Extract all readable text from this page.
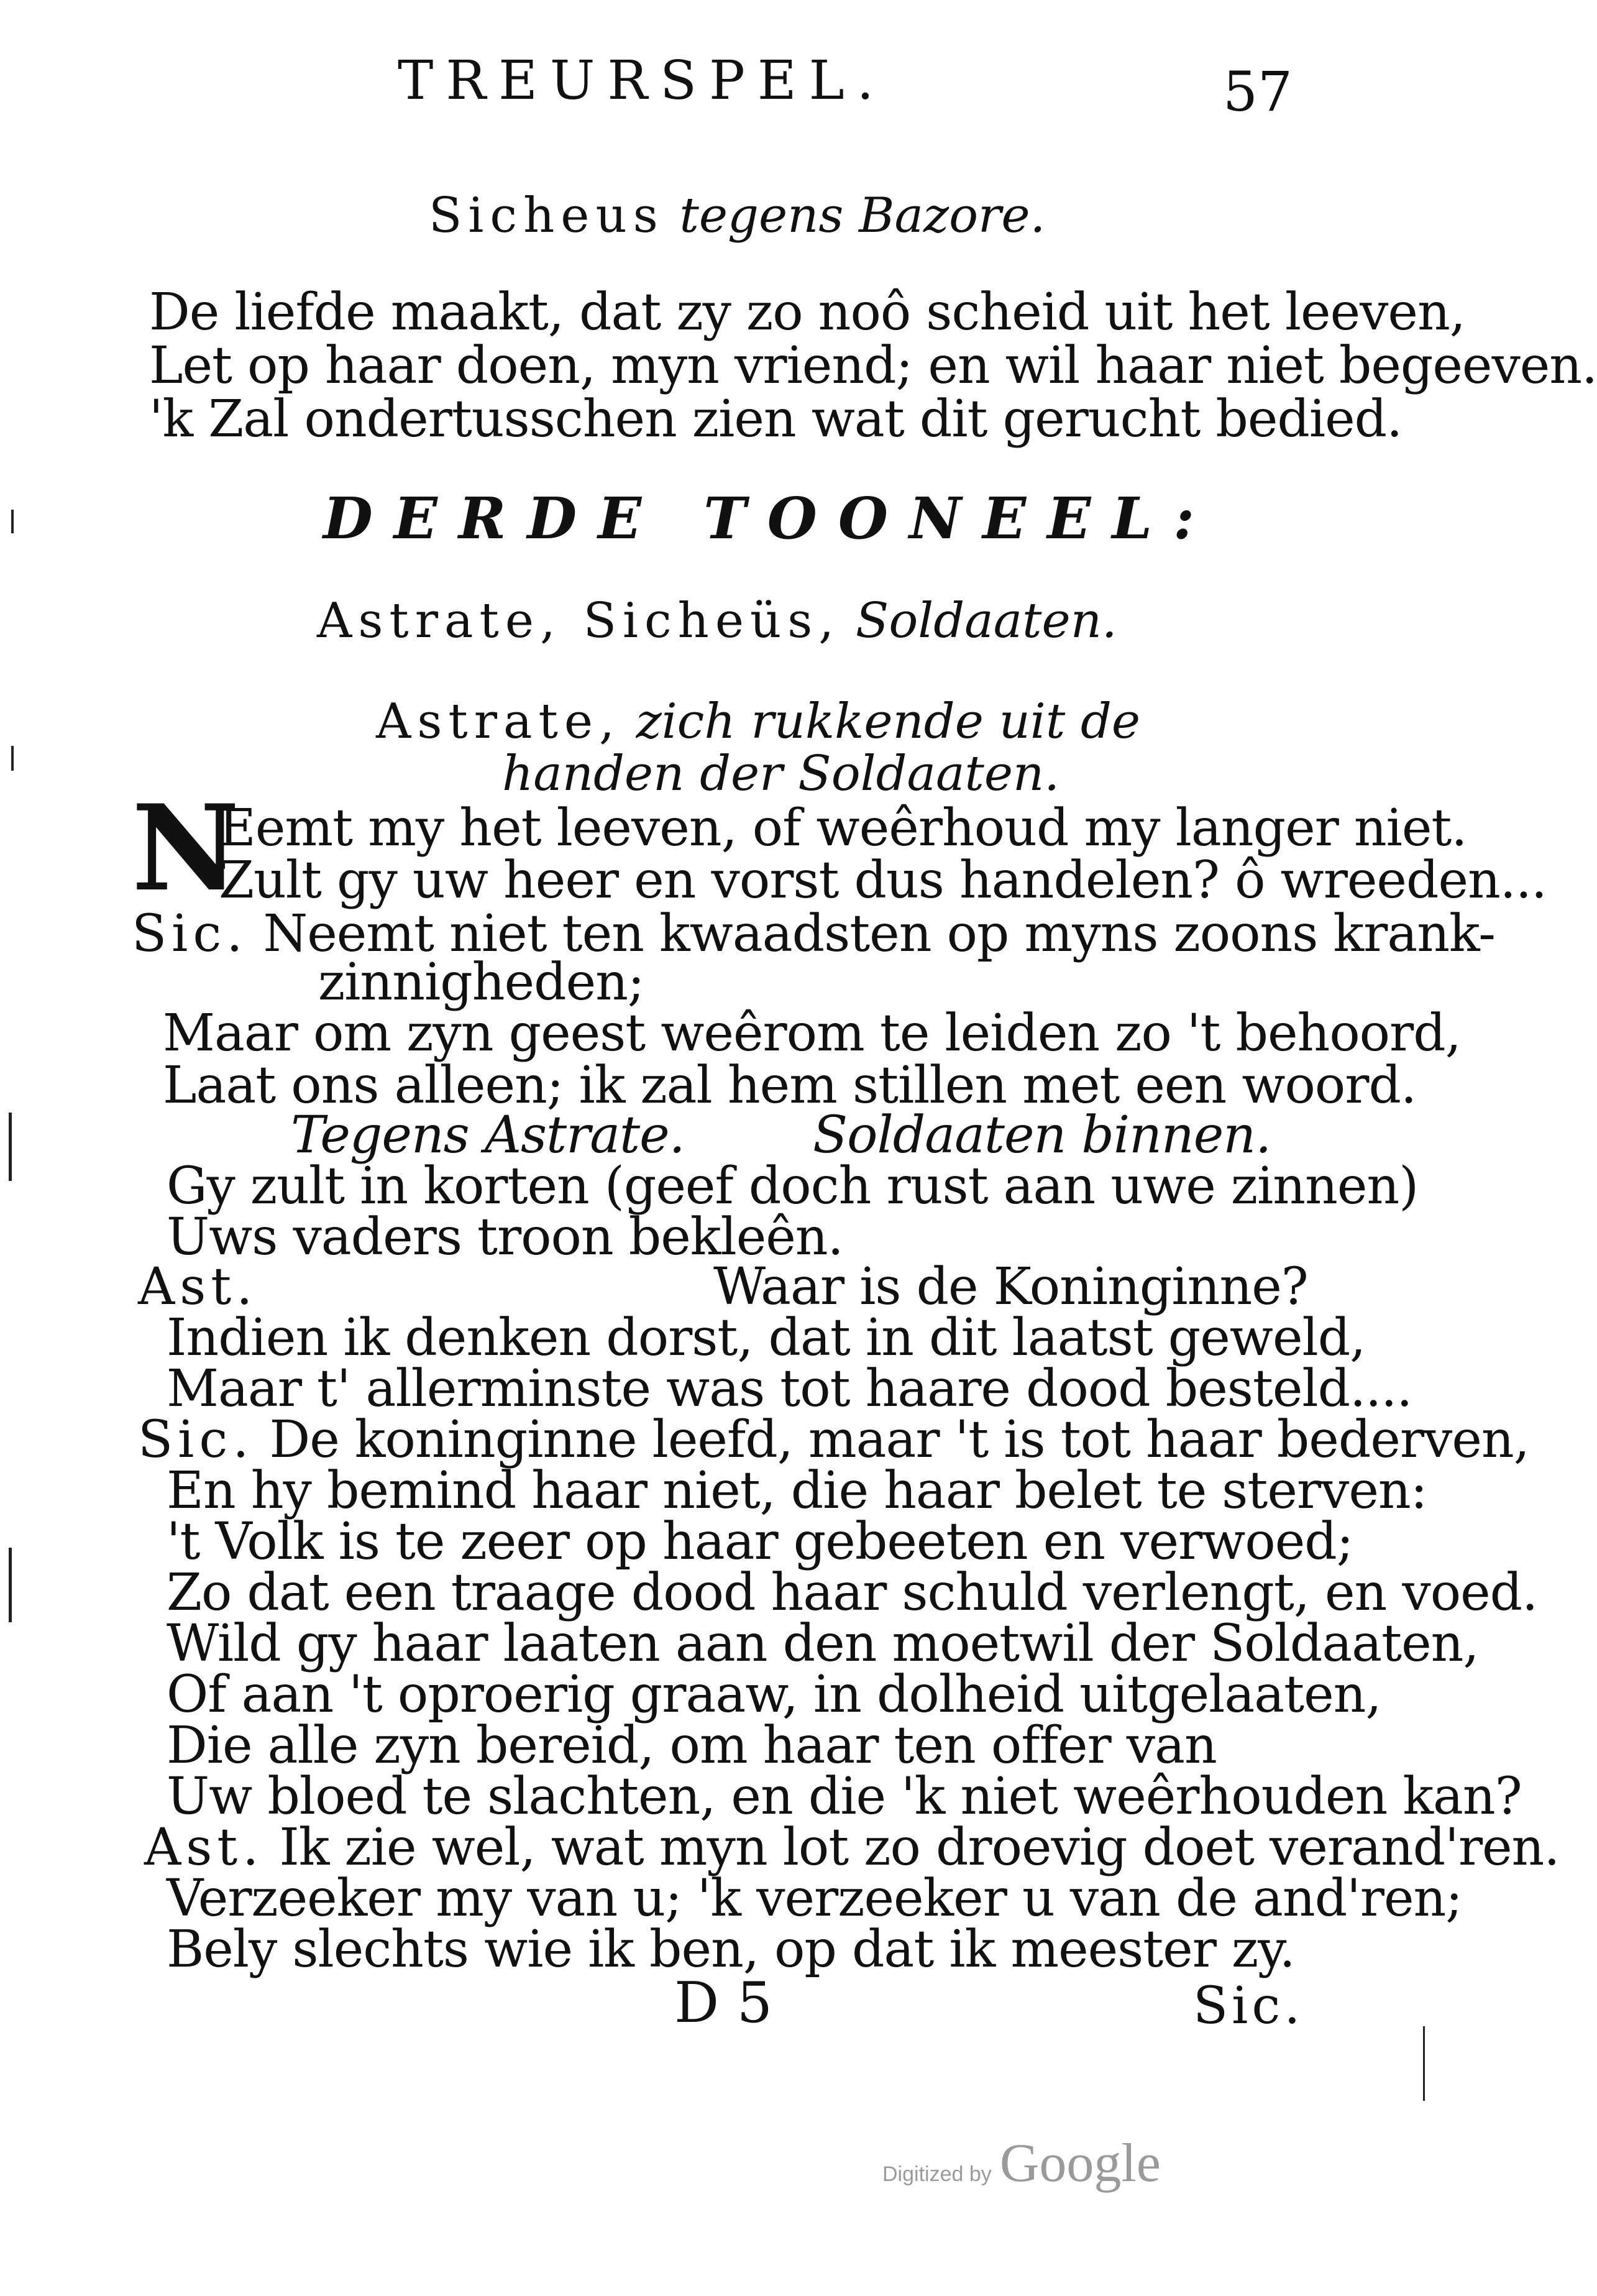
TREURSPEL.	57
Sicheus tegens Bazore.
De liefde maakt, dat zy zo noô scheid uit het leeven,
Let op haar doen, myn vriend; en wil haar niet begeeven.
'k Zal ondertusschen zien wat dit gerucht bedied.
DERDE TOONEEL:
Astrate, Sicheüs, Soldaaten.
Astrate, zich rukkende uit de
handen der Soldaaten.
N
Eemt my het leeven, of weêrhoud my langer niet.
Zult gy uw heer en vorst dus handelen? ô wreeden...
Sic. Neemt niet ten kwaadsten op myns zoons krank-
zinnigheden;
Maar om zyn geest weêrom te leiden zo 't behoord,
Laat ons alleen; ik zal hem stillen met een woord.
Tegens Astrate.	Soldaaten binnen.
Gy zult in korten (geef doch rust aan uwe zinnen)
Uws vaders troon bekleên.
Ast.	Waar is de Koninginne?
Indien ik denken dorst, dat in dit laatst geweld,
Maar t' allerminste was tot haare dood besteld....
Sic. De koninginne leefd, maar 't is tot haar bederven,
En hy bemind haar niet, die haar belet te sterven:
't Volk is te zeer op haar gebeeten en verwoed;
Zo dat een traage dood haar schuld verlengt, en voed.
Wild gy haar laaten aan den moetwil der Soldaaten,
Of aan 't oproerig graaw, in dolheid uitgelaaten,
Die alle zyn bereid, om haar ten offer van
Uw bloed te slachten, en die 'k niet weêrhouden kan?
Ast. Ik zie wel, wat myn lot zo droevig doet verand'ren.
Verzeeker my van u; 'k verzeeker u van de and'ren;
Bely slechts wie ik ben, op dat ik meester zy.
D 5	Sic.
Digitized by Google
